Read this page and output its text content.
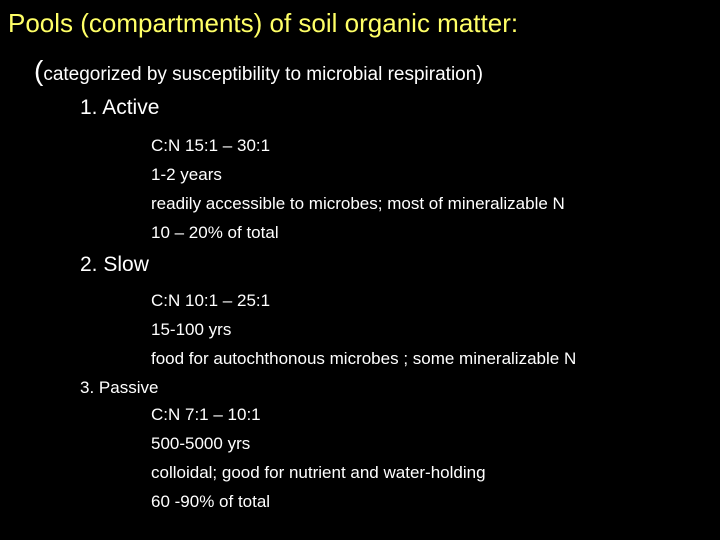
Pools (compartments) of soil organic matter:
(categorized by susceptibility to microbial respiration)
1. Active
C:N 15:1 – 30:1
1-2 years
readily accessible to microbes; most of mineralizable N
10 – 20% of total
2. Slow
C:N 10:1 – 25:1
15-100 yrs
food for autochthonous microbes ; some mineralizable N
3. Passive
C:N 7:1 – 10:1
500-5000 yrs
colloidal; good for nutrient and water-holding
60 -90% of total
